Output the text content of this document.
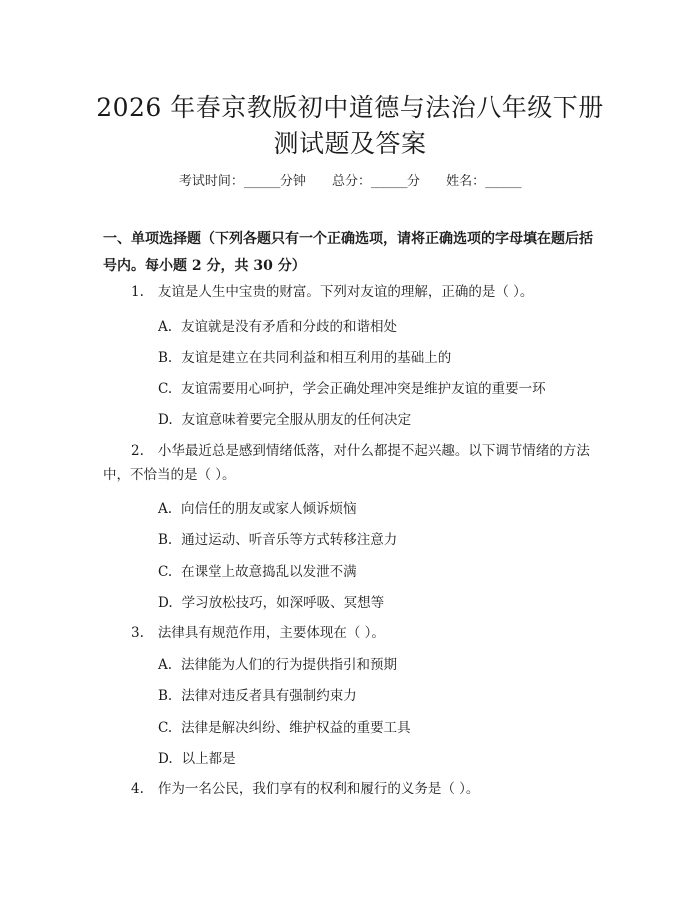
2026 年春京教版初中道德与法治八年级下册
测试题及答案
考试时间：______分钟 总分：______分 姓名：______
一、单项选择题（下列各题只有一个正确选项，请将正确选项的字母填在题后括号内。每小题 2 分，共 30 分）
1. 友谊是人生中宝贵的财富。下列对友谊的理解，正确的是（ ）。
A. 友谊就是没有矛盾和分歧的和谐相处
B. 友谊是建立在共同利益和相互利用的基础上的
C. 友谊需要用心呵护，学会正确处理冲突是维护友谊的重要一环
D. 友谊意味着要完全服从朋友的任何决定
2. 小华最近总是感到情绪低落，对什么都提不起兴趣。以下调节情绪的方法中，不恰当的是（ ）。
A. 向信任的朋友或家人倾诉烦恼
B. 通过运动、听音乐等方式转移注意力
C. 在课堂上故意捣乱以发泄不满
D. 学习放松技巧，如深呼吸、冥想等
3. 法律具有规范作用，主要体现在（ ）。
A. 法律能为人们的行为提供指引和预期
B. 法律对违反者具有强制约束力
C. 法律是解决纠纷、维护权益的重要工具
D. 以上都是
4. 作为一名公民，我们享有的权利和履行的义务是（ ）。
